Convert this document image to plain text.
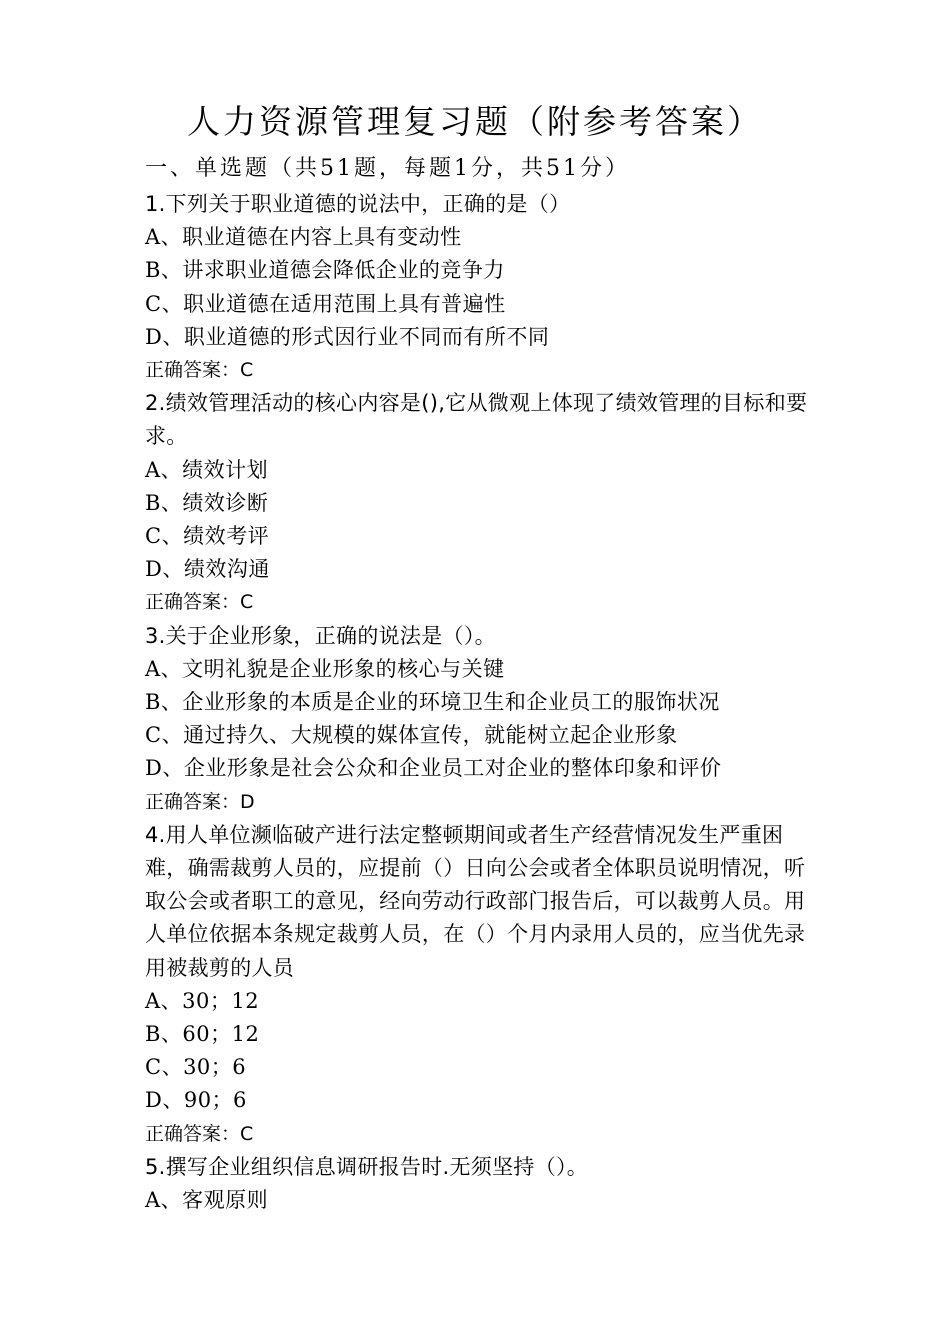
人力资源管理复习题（附参考答案）
一、单选题（共51题，每题1分，共51分）

1.下列关于职业道德的说法中，正确的是（）

A、职业道德在内容上具有变动性

B、讲求职业道德会降低企业的竞争力

C、职业道德在适用范围上具有普遍性

D、职业道德的形式因行业不同而有所不同

正确答案：C

2.绩效管理活动的核心内容是(),它从微观上体现了绩效管理的目标和要求。

A、绩效计划

B、绩效诊断

C、绩效考评

D、绩效沟通

正确答案：C

3.关于企业形象，正确的说法是（）。

A、文明礼貌是企业形象的核心与关键

B、企业形象的本质是企业的环境卫生和企业员工的服饰状况

C、通过持久、大规模的媒体宣传，就能树立起企业形象

D、企业形象是社会公众和企业员工对企业的整体印象和评价

正确答案：D

4.用人单位濒临破产进行法定整顿期间或者生产经营情况发生严重困难，确需裁剪人员的，应提前（）日向公会或者全体职员说明情况，听取公会或者职工的意见，经向劳动行政部门报告后，可以裁剪人员。用人单位依据本条规定裁剪人员，在（）个月内录用人员的，应当优先录用被裁剪的人员

A、30；12

B、60；12

C、30；6

D、90；6

正确答案：C

5.撰写企业组织信息调研报告时.无须坚持（）。

A、客观原则
